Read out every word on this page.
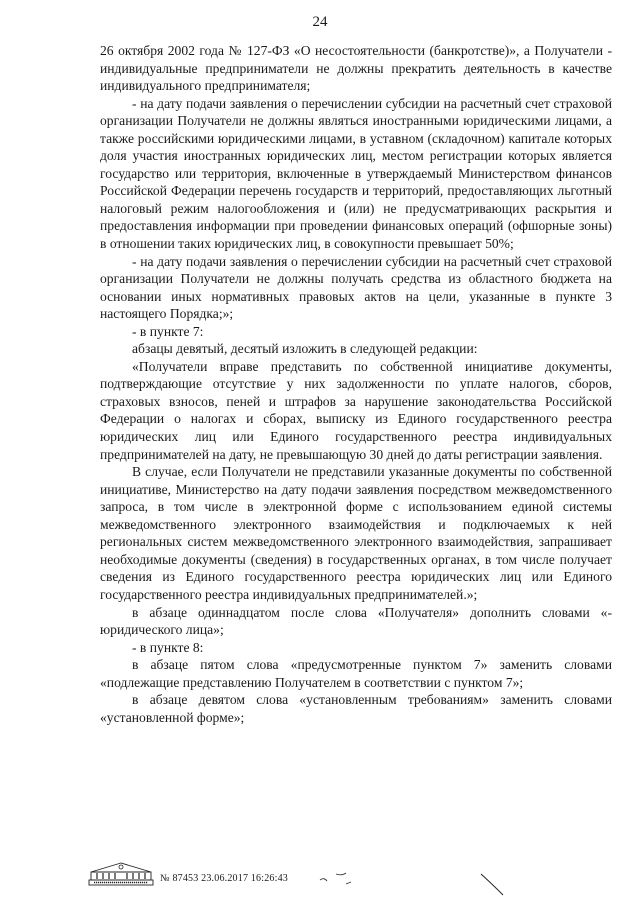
24

26 октября 2002 года № 127-ФЗ «О несостоятельности (банкротстве)», а Получатели - индивидуальные предприниматели не должны прекратить деятельность в качестве индивидуального предпринимателя;

- на дату подачи заявления о перечислении субсидии на расчетный счет страховой организации Получатели не должны являться иностранными юридическими лицами, а также российскими юридическими лицами, в уставном (складочном) капитале которых доля участия иностранных юридических лиц, местом регистрации которых является государство или территория, включенные в утверждаемый Министерством финансов Российской Федерации перечень государств и территорий, предоставляющих льготный налоговый режим налогообложения и (или) не предусматривающих раскрытия и предоставления информации при проведении финансовых операций (офшорные зоны) в отношении таких юридических лиц, в совокупности превышает 50%;

- на дату подачи заявления о перечислении субсидии на расчетный счет страховой организации Получатели не должны получать средства из областного бюджета на основании иных нормативных правовых актов на цели, указанные в пункте 3 настоящего Порядка;»;

- в пункте 7:

абзацы девятый, десятый изложить в следующей редакции:

«Получатели вправе представить по собственной инициативе документы, подтверждающие отсутствие у них задолженности по уплате налогов, сборов, страховых взносов, пеней и штрафов за нарушение законодательства Российской Федерации о налогах и сборах, выписку из Единого государственного реестра юридических лиц или Единого государственного реестра индивидуальных предпринимателей на дату, не превышающую 30 дней до даты регистрации заявления.

В случае, если Получатели не представили указанные документы по собственной инициативе, Министерство на дату подачи заявления посредством межведомственного запроса, в том числе в электронной форме с использованием единой системы межведомственного электронного взаимодействия и подключаемых к ней региональных систем межведомственного электронного взаимодействия, запрашивает необходимые документы (сведения) в государственных органах, в том числе получает сведения из Единого государственного реестра юридических лиц или Единого государственного реестра индивидуальных предпринимателей.»;

в абзаце одиннадцатом после слова «Получателя» дополнить словами «- юридического лица»;

- в пункте 8:

в абзаце пятом слова «предусмотренные пунктом 7» заменить словами «подлежащие представлению Получателем в соответствии с пунктом 7»;

в абзаце девятом слова «установленным требованиям» заменить словами «установленной форме»;

№ 87453 23.06.2017 16:26:43
